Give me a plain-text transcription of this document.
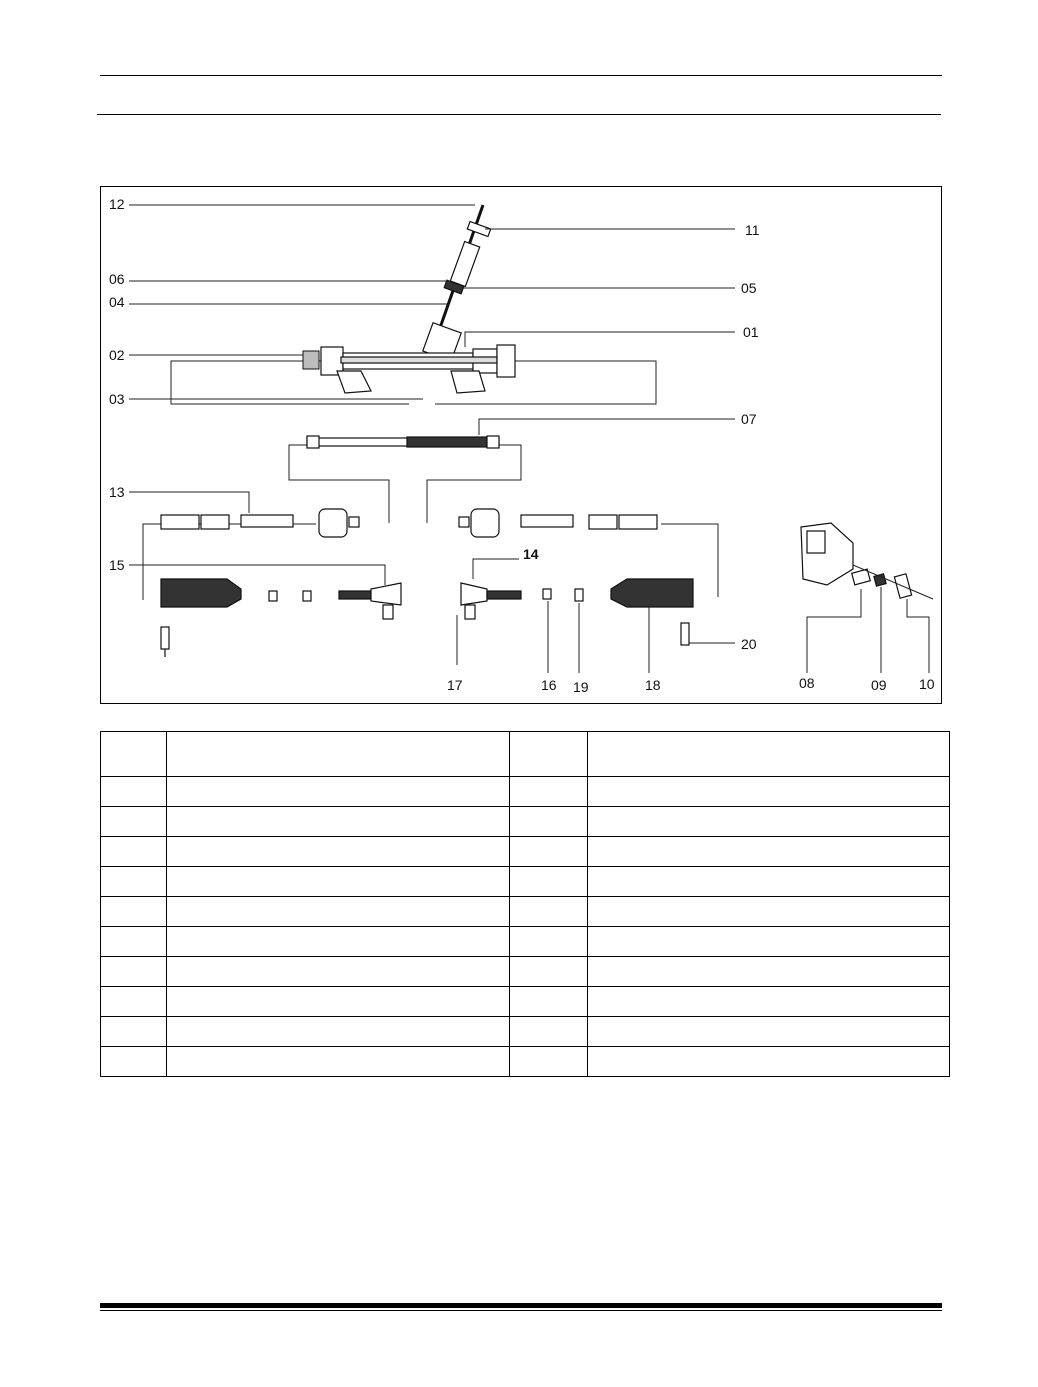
12
11
06
05
04
01
02
03
07
13
14
15
17	16 19	18
20
08	09 10
